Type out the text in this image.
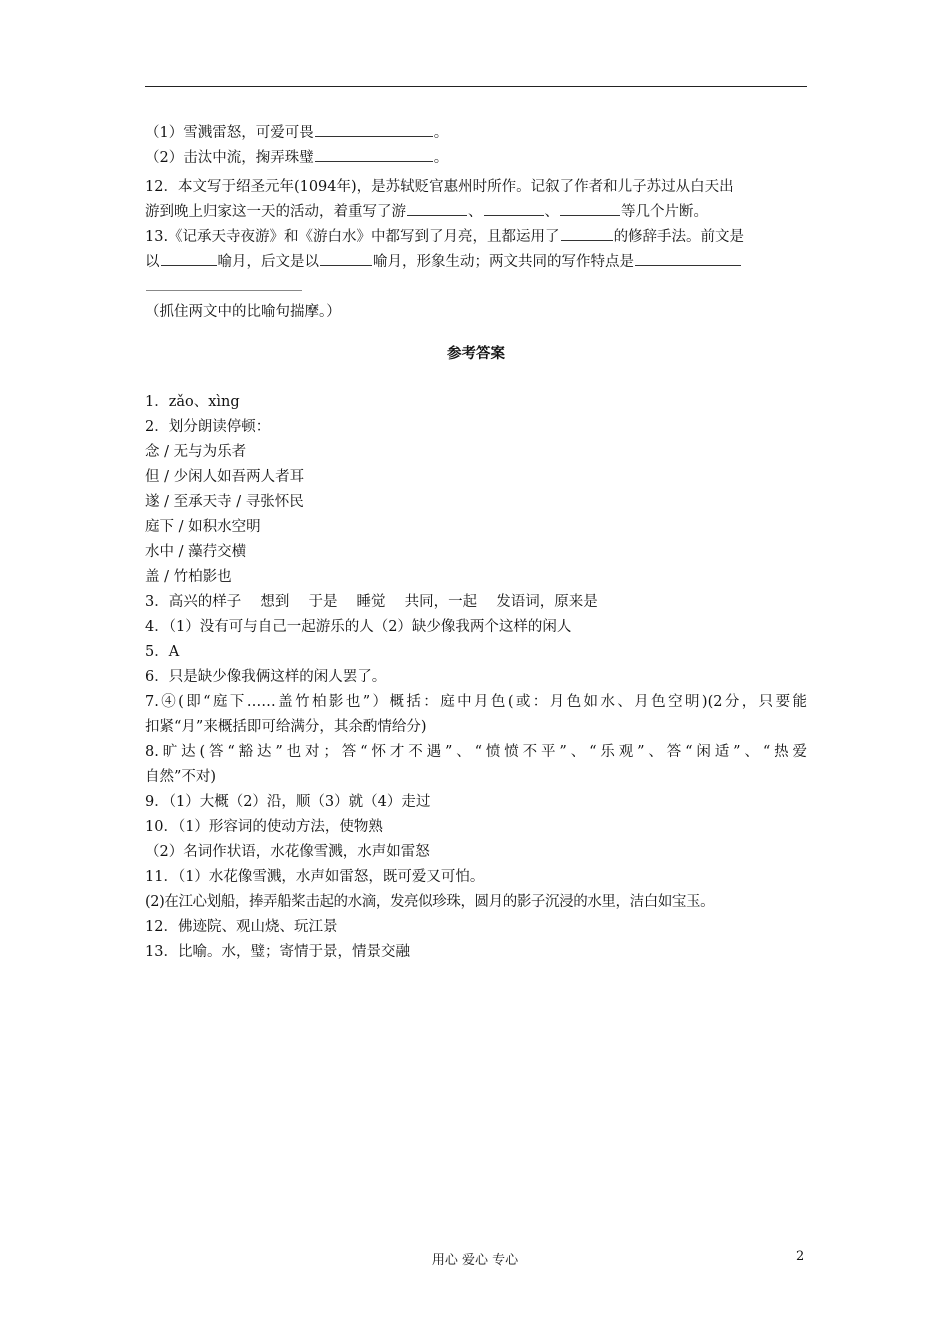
（1）雪溅雷怒，可爱可畏	。
（2）击汰中流，掬弄珠璧	。
12．本文写于绍圣元年(1094年)，是苏轼贬官惠州时所作。记叙了作者和儿子苏过从白天出
游到晚上归家这一天的活动，着重写了游	、	、	等几个片断。
13.《记承天寺夜游》和《游白水》中都写到了月亮，且都运用了	的修辞手法。前文是
以	喻月，后文是以	喻月，形象生动；两文共同的写作特点是
（抓住两文中的比喻句揣摩。）
参考答案
1．zǎo、xìng
2．划分朗读停顿：
念 / 无与为乐者
但 / 少闲人如吾两人者耳
遂 / 至承天寺 / 寻张怀民
庭下 / 如积水空明
水中 / 藻荇交横
盖 / 竹柏影也
3．高兴的样子　 想到　 于是　 睡觉　 共同，一起　 发语词，原来是
4．（1）没有可与自己一起游乐的人（2）缺少像我两个这样的闲人
5．A
6．只是缺少像我俩这样的闲人罢了。
7.④(即“庭下……盖竹柏影也”）概括：庭中月色(或：月色如水、月色空明)(2分，只要能
扣紧“月”来概括即可给满分，其余酌情给分)
8.旷达(答“豁达”也对；答“怀才不遇”、“愤愤不平”、“乐观”、答“闲适”、“热爱
自然”不对)
9．（1）大概（2）沿，顺（3）就（4）走过
10．（1）形容词的使动方法，使物熟
（2）名词作状语，水花像雪溅，水声如雷怒
11．（1）水花像雪溅，水声如雷怒，既可爱又可怕。
(2)在江心划船，捧弄船桨击起的水滴，发亮似珍珠，圆月的影子沉浸的水里，洁白如宝玉。
12．佛迹院、观山烧、玩江景
13．比喻。水，璧；寄情于景，情景交融
用心 爱心 专心	2
